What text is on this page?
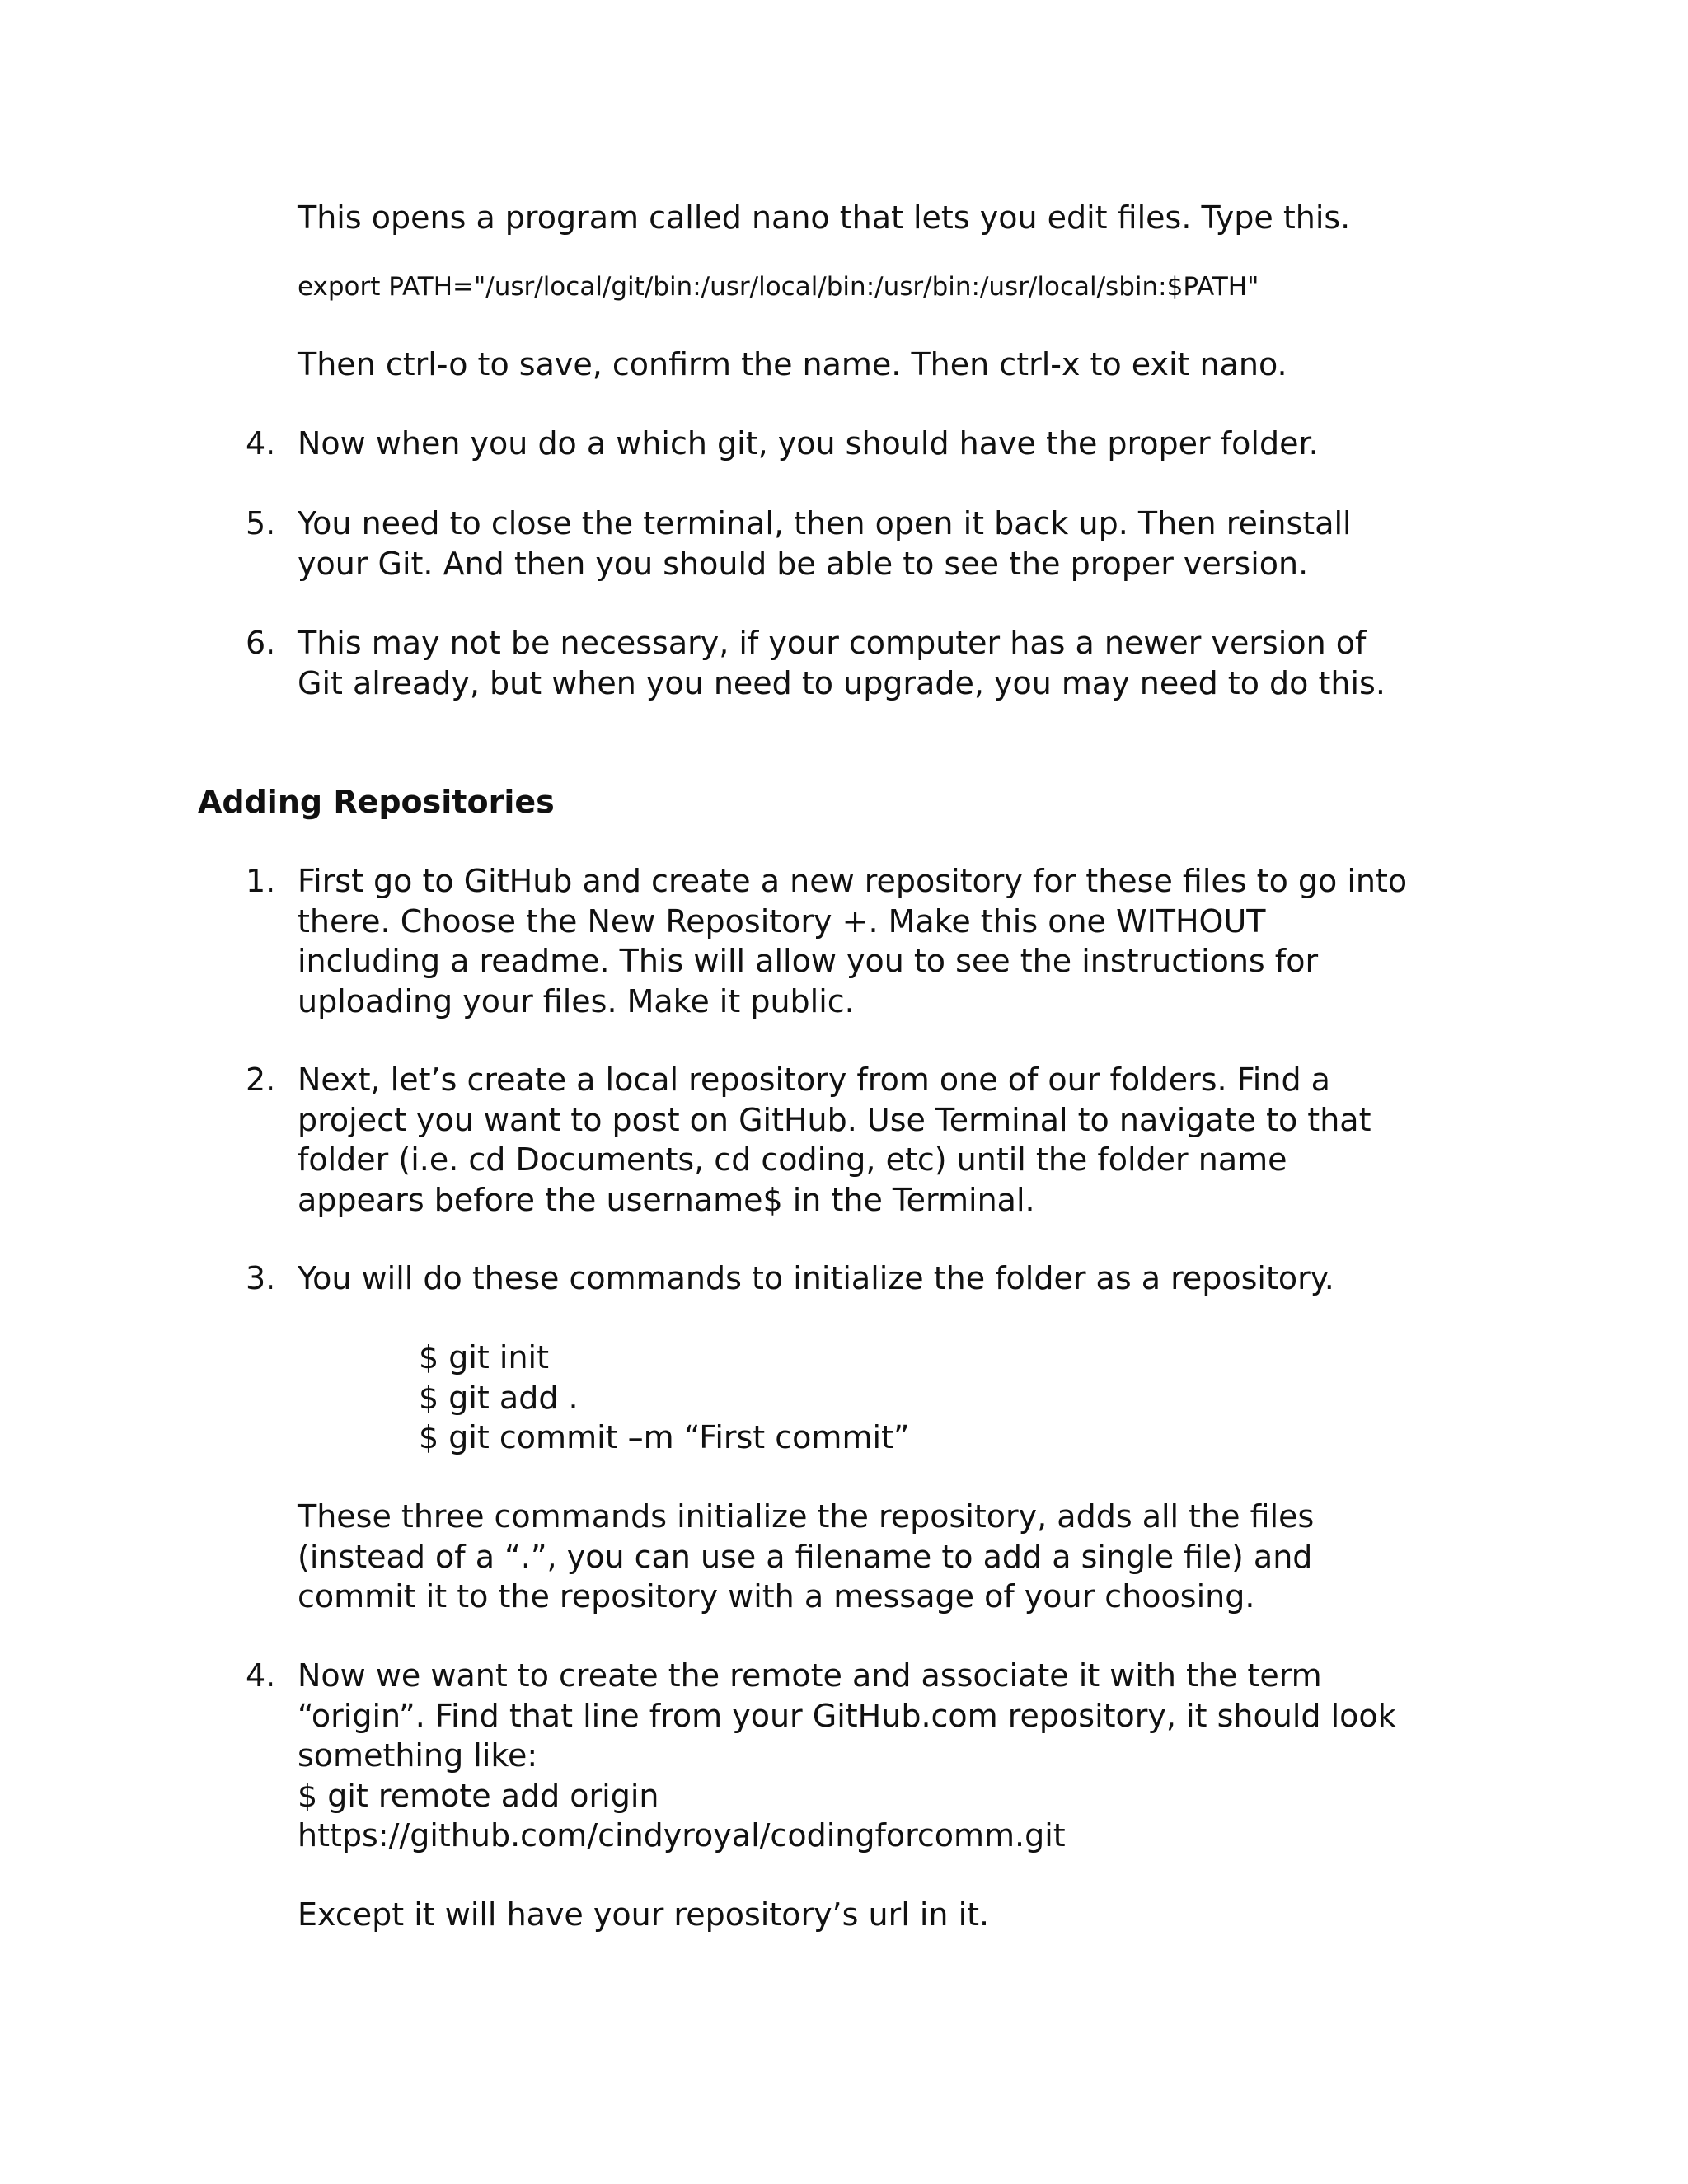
This opens a program called nano that lets you edit files. Type this.
export PATH="/usr/local/git/bin:/usr/local/bin:/usr/bin:/usr/local/sbin:$PATH"
Then ctrl-o to save, confirm the name. Then ctrl-x to exit nano.
4. Now when you do a which git, you should have the proper folder.
5. You need to close the terminal, then open it back up. Then reinstall
your Git. And then you should be able to see the proper version.
6. This may not be necessary, if your computer has a newer version of
Git already, but when you need to upgrade, you may need to do this.
Adding Repositories
1. First go to GitHub and create a new repository for these files to go into
there. Choose the New Repository +. Make this one WITHOUT
including a readme. This will allow you to see the instructions for
uploading your files. Make it public.
2. Next, let’s create a local repository from one of our folders. Find a
project you want to post on GitHub. Use Terminal to navigate to that
folder (i.e. cd Documents, cd coding, etc) until the folder name
appears before the username$ in the Terminal.
3. You will do these commands to initialize the folder as a repository.
$ git init
$ git add .
$ git commit –m “First commit”
These three commands initialize the repository, adds all the files
(instead of a “.”, you can use a filename to add a single file) and
commit it to the repository with a message of your choosing.
4. Now we want to create the remote and associate it with the term
“origin”. Find that line from your GitHub.com repository, it should look
something like:
$ git remote add origin
https://github.com/cindyroyal/codingforcomm.git
Except it will have your repository’s url in it.
